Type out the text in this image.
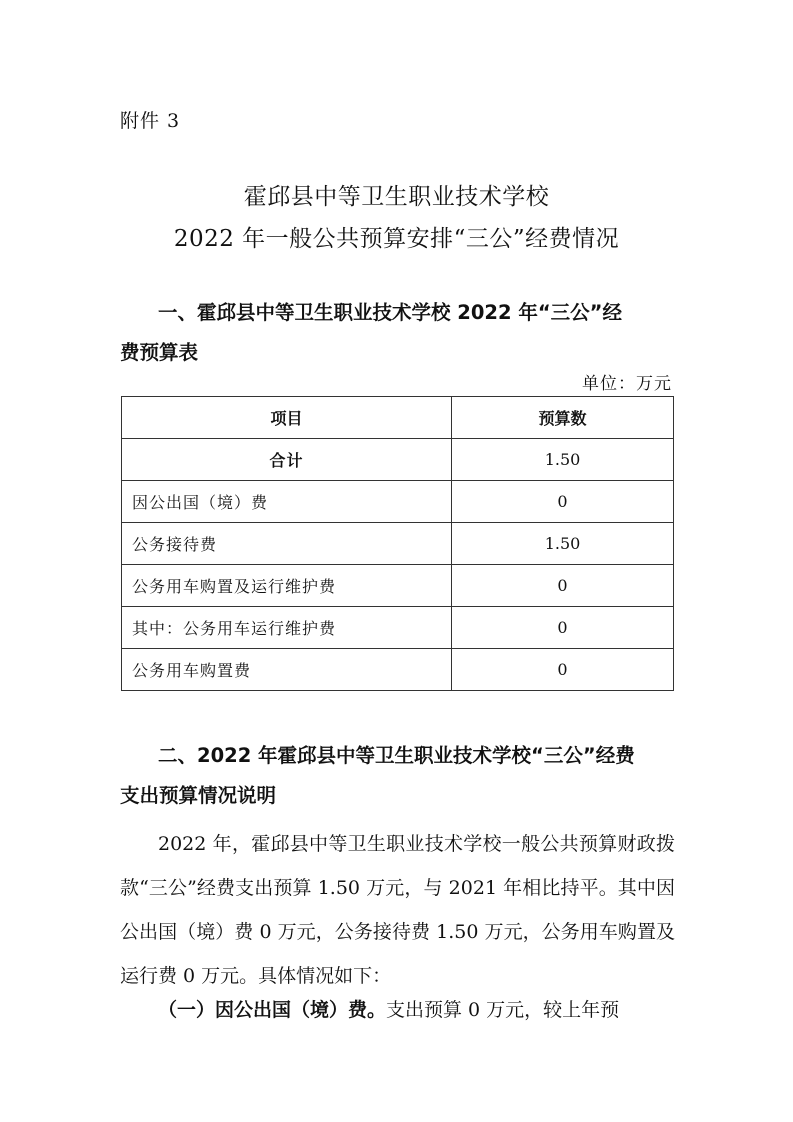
附件 3
霍邱县中等卫生职业技术学校
2022 年一般公共预算安排“三公”经费情况
一、霍邱县中等卫生职业技术学校 2022 年“三公”经
费预算表
单位：万元
项目	预算数
合计	1.50
因公出国（境）费	0
公务接待费	1.50
公务用车购置及运行维护费	0
其中：公务用车运行维护费	0
公务用车购置费	0
二、2022 年霍邱县中等卫生职业技术学校“三公”经费
支出预算情况说明
2022 年，霍邱县中等卫生职业技术学校一般公共预算财政拨款“三公”经费支出预算 1.50 万元，与 2021 年相比持平。其中因公出国（境）费 0 万元，公务接待费 1.50 万元，公务用车购置及运行费 0 万元。具体情况如下：
（一）因公出国（境）费。支出预算 0 万元，较上年预
